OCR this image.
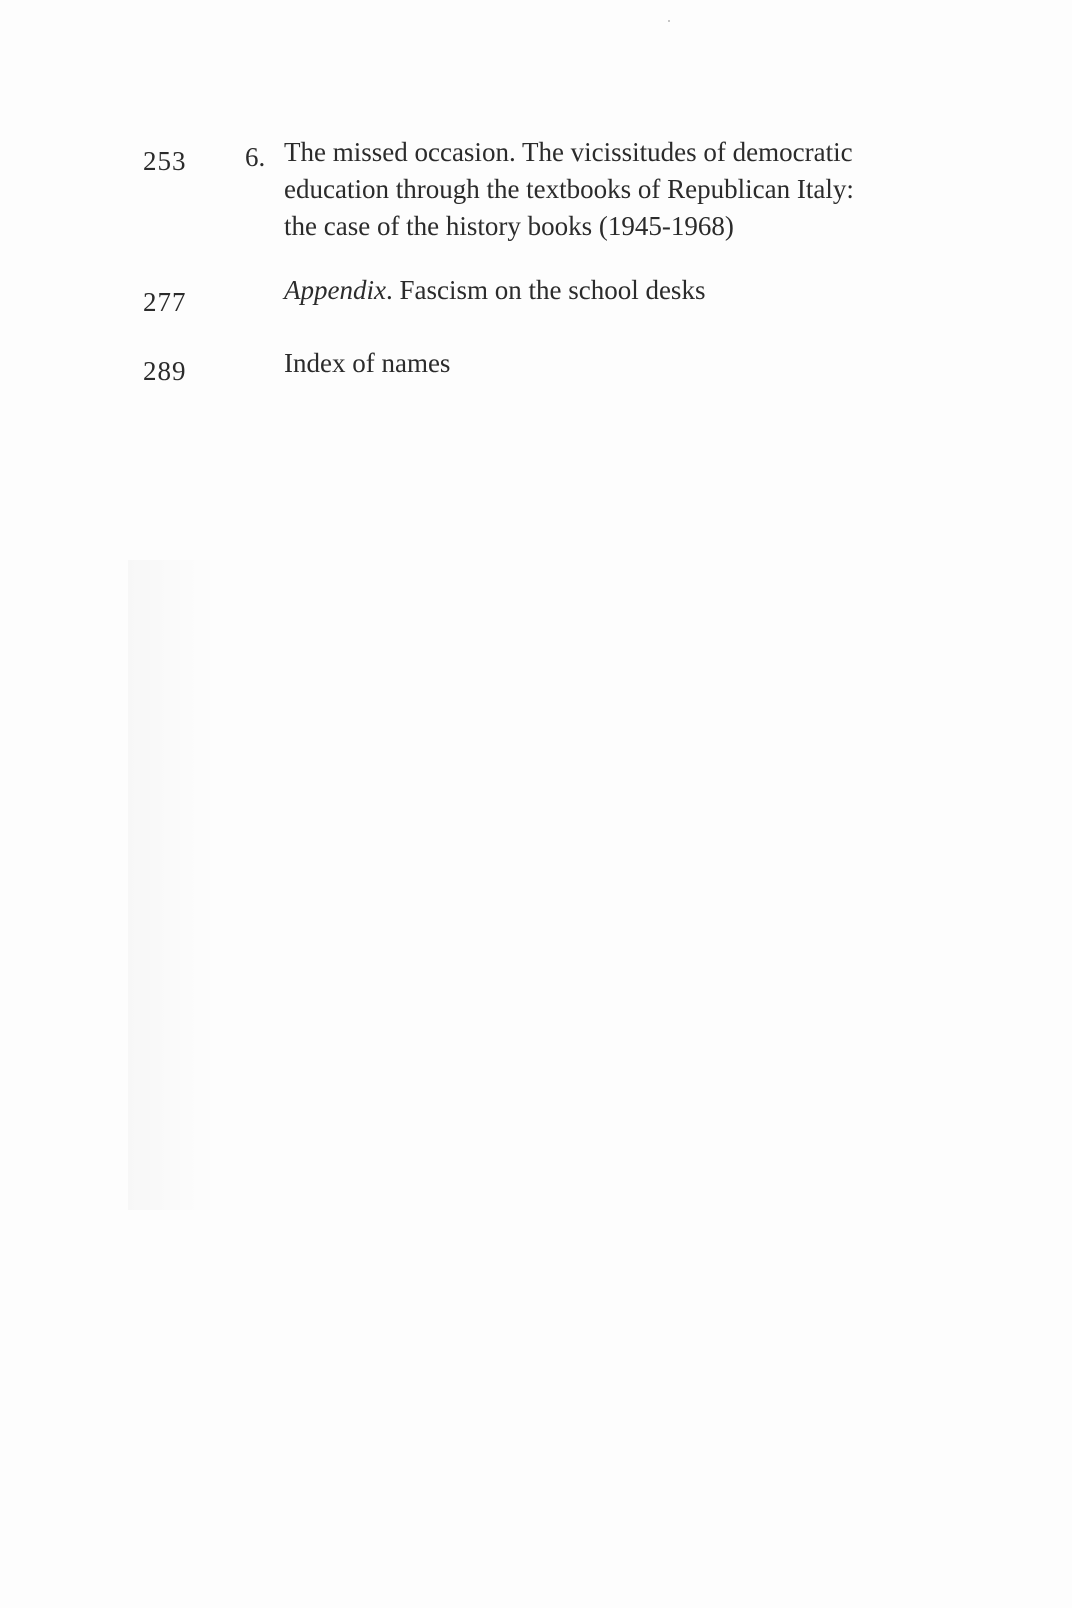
253 6. The missed occasion. The vicissitudes of democratic
education through the textbooks of Republican Italy:
the case of the history books (1945-1968)
277	Appendix. Fascism on the school desks
289	Index of names
